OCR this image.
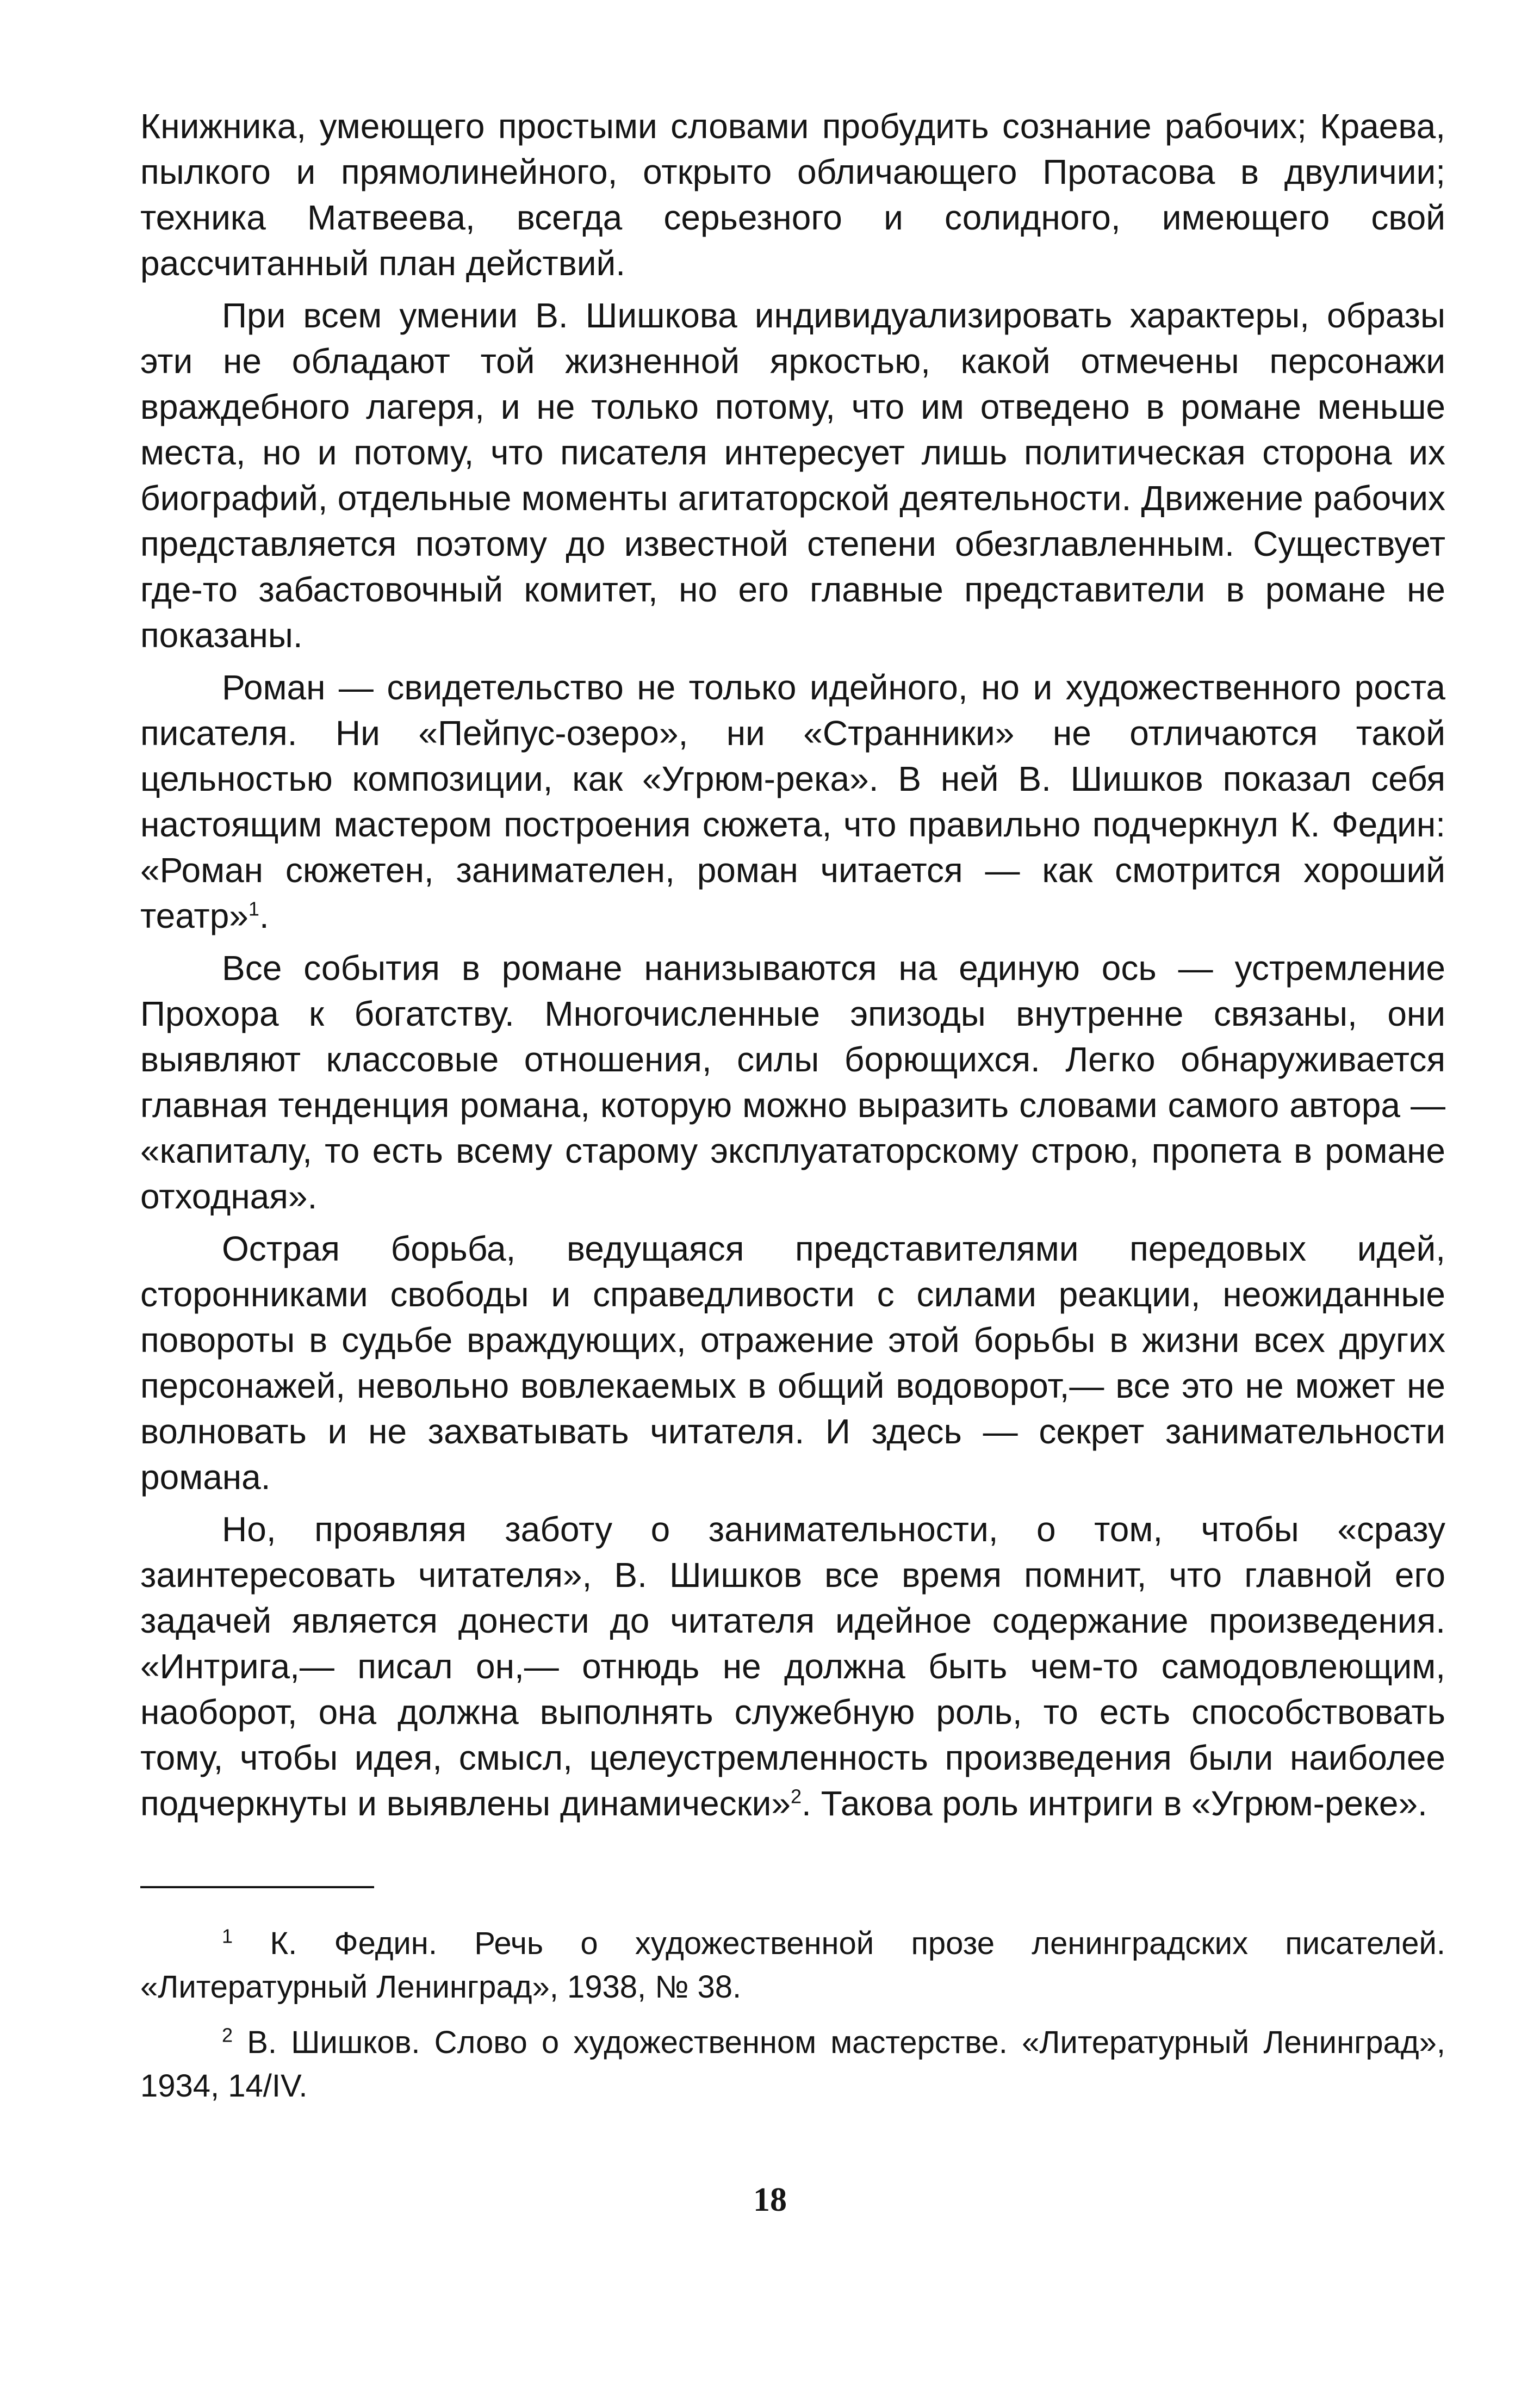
Книжника, умеющего простыми словами пробудить сознание рабочих; Краева, пылкого и прямолинейного, открыто обличающего Протасова в двуличии; техника Матвеева, всегда серьезного и солидного, имеющего свой рассчитанный план действий.

При всем умении В. Шишкова индивидуализировать характеры, образы эти не обладают той жизненной яркостью, какой отмечены персонажи враждебного лагеря, и не только потому, что им отведено в романе меньше места, но и потому, что писателя интересует лишь политическая сторона их биографий, отдельные моменты агитаторской деятельности. Движение рабочих представляется поэтому до известной степени обезглавленным. Существует где-то забастовочный комитет, но его главные представители в романе не показаны.

Роман — свидетельство не только идейного, но и художественного роста писателя. Ни «Пейпус-озеро», ни «Странники» не отличаются такой цельностью композиции, как «Угрюм-река». В ней В. Шишков показал себя настоящим мастером построения сюжета, что правильно подчеркнул К. Федин: «Роман сюжетен, занимателен, роман читается — как смотрится хороший театр»$^1$.

Все события в романе нанизываются на единую ось — устремление Прохора к богатству. Многочисленные эпизоды внутренне связаны, они выявляют классовые отношения, силы борющихся. Легко обнаруживается главная тенденция романа, которую можно выразить словами самого автора — «капиталу, то есть всему старому эксплуататорскому строю, пропета в романе отходная».

Острая борьба, ведущаяся представителями передовых идей, сторонниками свободы и справедливости с силами реакции, неожиданные повороты в судьбе враждующих, отражение этой борьбы в жизни всех других персонажей, невольно вовлекаемых в общий водоворот,— все это не может не волновать и не захватывать читателя. И здесь — секрет занимательности романа.

Но, проявляя заботу о занимательности, о том, чтобы «сразу заинтересовать читателя», В. Шишков все время помнит, что главной его задачей является донести до читателя идейное содержание произведения. «Интрига,— писал он,— отнюдь не должна быть чем-то самодовлеющим, наоборот, она должна выполнять служебную роль, то есть способствовать тому, чтобы идея, смысл, целеустремленность произведения были наиболее подчеркнуты и выявлены динамически»$^2$. Такова роль интриги в «Угрюм-реке».

$^1$ К. Федин. Речь о художественной прозе ленинградских писателей. «Литературный Ленинград», 1938, № 38.

$^2$ В. Шишков. Слово о художественном мастерстве. «Литературный Ленинград», 1934, 14/IV.

18
